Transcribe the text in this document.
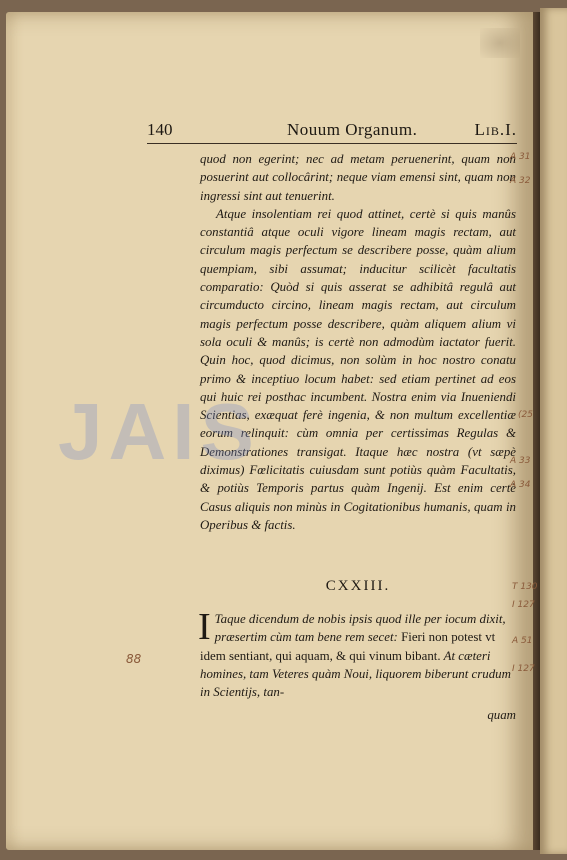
140	Nouum Organum.	Lib.I.

quod non egerint; nec ad metam peruenerint, quam non posuerint aut collocârint; neque viam emensi sint, quam non ingressi sint aut tenuerint.

Atque insolentiam rei quod attinet, certè si quis manûs constantiâ atque oculi vigore lineam magis rectam, aut circulum magis perfectum se describere posse, quàm alium quempiam, sibi assumat; inducitur scilicèt facultatis comparatio: Quòd si quis asserat se adhibitâ regulâ aut circumducto circino, lineam magis rectam, aut circulum magis perfectum posse describere, quàm aliquem alium vi sola oculi & manûs; is certè non admodùm iactator fuerit. Quin hoc, quod dicimus, non solùm in hoc nostro conatu primo & inceptiuo locum habet: sed etiam pertinet ad eos qui huic rei posthac incumbent. Nostra enim via Inueniendi Scientias, exæquat ferè ingenia, & non multum excellentiæ eorum relinquit: cùm omnia per certissimas Regulas & Demonstrationes transigat. Itaque hæc nostra (vt sæpè diximus) Fœlicitatis cuiusdam sunt potiùs quàm Facultatis, & potiùs Temporis partus quàm Ingenij. Est enim certè Casus aliquis non minùs in Cogitationibus humanis, quam in Operibus & factis.

CXXIII.
I Taque dicendum de nobis ipsis quod ille per iocum dixit, præsertim cùm tam bene rem secet: Fieri non potest vt idem sentiant, qui aquam, & qui vinum bibant. At cæteri homines, tam Veteres quàm Noui, liquorem biberunt crudum in Scientijs, tan-
quam
JAIS
A 31
A 32
(25
A 33
A 34
T 130
I 127
A 51
I 127
88
